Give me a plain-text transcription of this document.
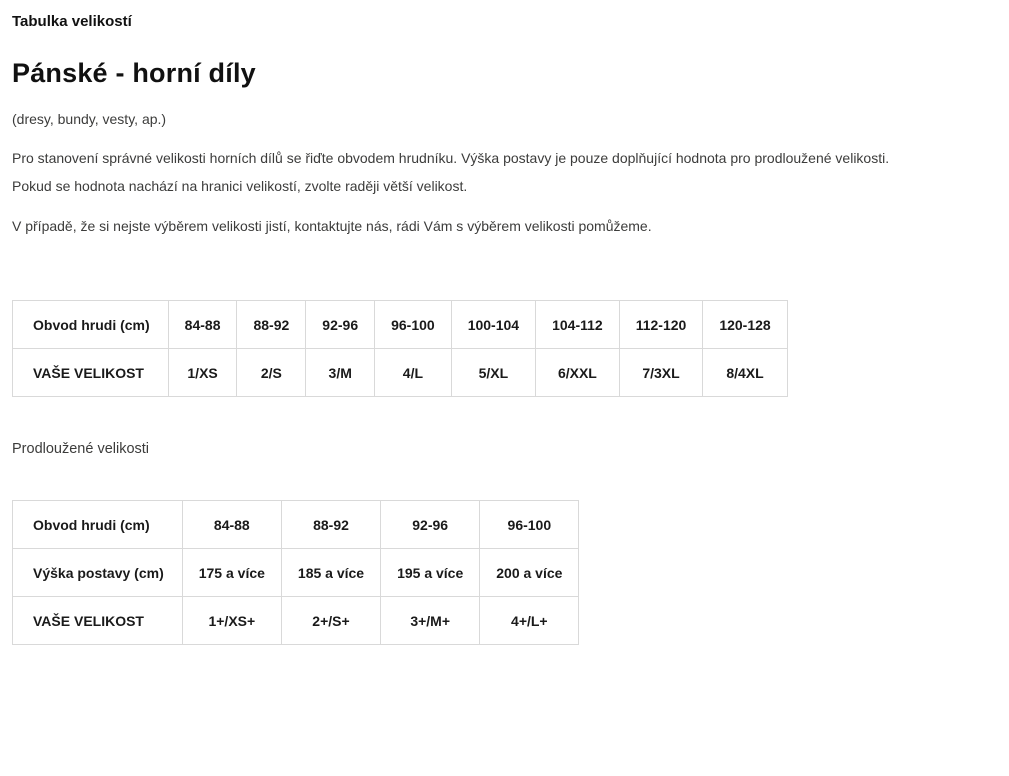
Tabulka velikostí

Pánské - horní díly

(dresy, bundy, vesty, ap.)

Pro stanovení správné velikosti horních dílů se řiďte obvodem hrudníku. Výška postavy je pouze doplňující hodnota pro prodloužené velikosti.
Pokud se hodnota nachází na hranici velikostí, zvolte raději větší velikost.

V případě, že si nejste výběrem velikosti jistí, kontaktujte nás, rádi Vám s výběrem velikosti pomůžeme.

Obvod hrudi (cm)	84-88	88-92	92-96	96-100	100-104	104-112	112-120	120-128
VAŠE VELIKOST	1/XS	2/S	3/M	4/L	5/XL	6/XXL	7/3XL	8/4XL

Prodloužené velikosti

Obvod hrudi (cm)	84-88	88-92	92-96	96-100
Výška postavy (cm)	175 a více	185 a více	195 a více	200 a více
VAŠE VELIKOST	1+/XS+	2+/S+	3+/M+	4+/L+
